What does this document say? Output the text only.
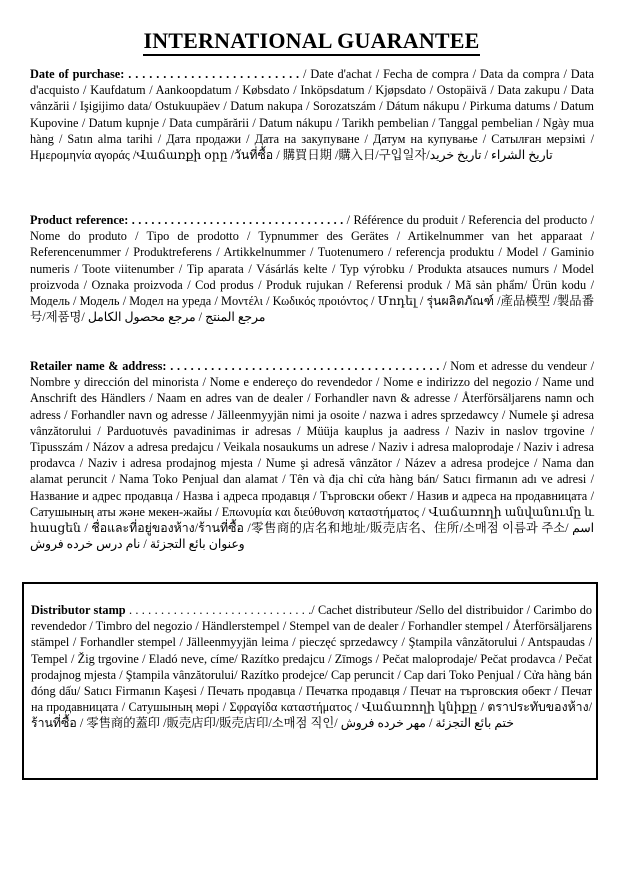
INTERNATIONAL GUARANTEE
Date of purchase: . . . . . . . . . . . . . . . . . . . . . . . . . / Date d'achat / Fecha de compra / Data da compra / Data d'acquisto / Kaufdatum / Aankoopdatum / Købsdato / Inköpsdatum / Kjøpsdato / Ostopäivä / Data zakupu / Data vânzării / Işigijimo data/ Ostukuupäev / Datum nakupa / Sorozatszám / Dátum nákupu / Pirkuma datums / Datum Kupovine / Datum kupnje / Data cumpărării / Datum nákupu / Tarikh pembelian / Tanggal pembelian / Ngày mua hàng / Satın alma tarihi / Дата продажи / Дата на закупуване / Датум на купување / Сатылған мерзімі / Ημερομηνία αγοράς /Վաճառքի օրը /วันที่ซื้อ / 購買日期 /購入日/구입일자/تاريخ الشراء / تاريخ خرید
Product reference: . . . . . . . . . . . . . . . . . . . . . . . . . . . . . . . . . / Référence du produit / Referencia del producto / Nome do produto / Tipo de prodotto / Typnummer des Gerätes / Artikelnummer van het apparaat / Referencenummer / Produktreferens / Artikkelnummer / Tuotenumero / referencja produktu / Model / Gaminio numeris / Toote viitenumber / Tip aparata / Vásárlás kelte / Typ výrobku / Produkta atsauces numurs / Model proizvoda / Oznaka proizvoda / Cod produs / Produk rujukan / Referensi produk / Mã sản phẩm/ Ürün kodu / Модель / Модель / Модел на уреда / Μοντέλι / Κωδικός προιόντος / Մոդել / รุ่นผลิตภัณฑ์ /產品模型 /製品番号/제품명/ مرجع المنتج / مرجع محصول الكامل
Retailer name & address: . . . . . . . . . . . . . . . . . . . . . . . . . . . . . . . . . . . . . . . . / Nom et adresse du vendeur / Nombre y dirección del minorista / Nome e endereço do revendedor / Nome e indirizzo del negozio / Name und Anschrift des Händlers / Naam en adres van de dealer / Forhandler navn & adresse / Återförsäljarens namn och adress / Forhandler navn og adresse / Jälleenmyyjän nimi ja osoite / nazwa i adres sprzedawcy / Numele şi adresa vânzătorului / Parduotuvės pavadinimas ir adresas / Müüja kauplus ja aadress / Naziv in naslov trgovine / Tipusszám / Názov a adresa predajcu / Veikala nosaukums un adrese / Naziv i adresa maloprodaje / Naziv i adresa prodavca / Naziv i adresa prodajnog mjesta / Nume şi adresă vânzător / Název a adresa prodejce / Nama dan alamat peruncit / Nama Toko Penjual dan alamat / Tên và địa chỉ cửa hàng bán/ Satıcı firmanın adı ve adresi / Название и адрес продавца / Назва і адреса продавця / Търговски обект / Назив и адреса на продавницата / Сатушының аты және мекен-жайы / Επωνυμία και διεύθυνση καταστήματος / Վաճառողի անվանումը և հասցեն / ชื่อและที่อยู่ของห้าง/ร้านที่ซื้อ /零售商的店名和地址/販売店名、住所/소매점 이름과 주소/ اسم وعنوان بائع التجزئة / نام درس خرده فروش
Distributor stamp . . . . . . . . . . . . . . . . . . . . . . . . . . . . ./ Cachet distributeur /Sello del distribuidor / Carimbo do revendedor / Timbro del negozio / Händlerstempel / Stempel van de dealer / Forhandler stempel / Återförsäljarens stämpel / Forhandler stempel / Jälleenmyyjän leima / pieczęć sprzedawcy / Ştampila vânzătorului / Antspaudas / Tempel / Žig trgovine / Eladó neve, címe/ Razítko predajcu / Zīmogs / Pečat maloprodaje/ Pečat prodavca / Pečat prodajnog mjesta / Ştampila vânzătorului/ Razítko prodejce/ Cap peruncit / Cap dari Toko Penjual / Cửa hàng bán đóng dấu/ Satıcı Firmanın Kaşesi / Печать продавца / Печатка продавця / Печат на търговския обект / Печат на продавницата / Сатушының мөрі / Σφραγίδα καταστήματος / Վաճառողի կնիքը / ตราประทับของห้าง/ร้านที่ซื้อ / 零售商的蓋印 /販売店印/販売店印/소매점 직인/ ختم بائع التجزئة / مهر خرده فروش
